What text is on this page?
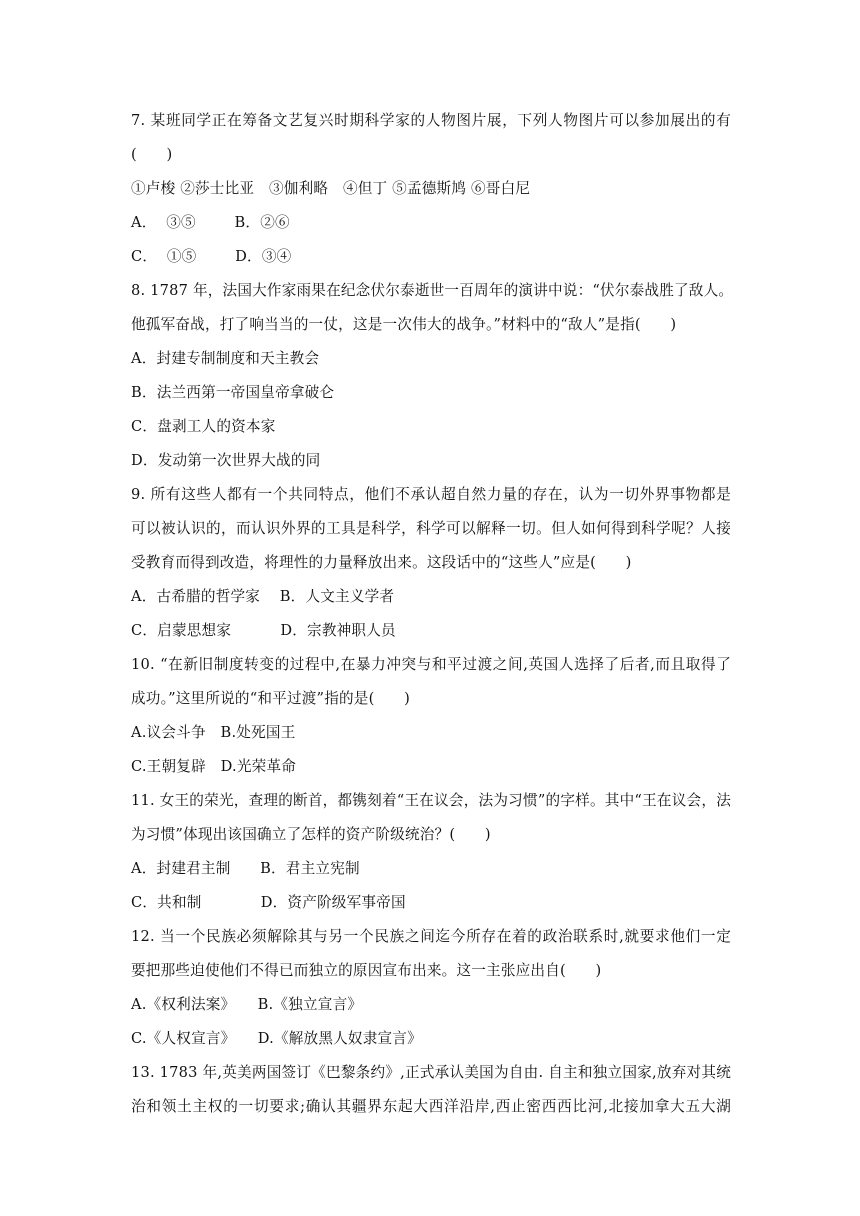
7. 某班同学正在筹备文艺复兴时期科学家的人物图片展，下列人物图片可以参加展出的有
(　　)
①卢梭 ②莎士比亚　③伽利略　④但丁 ⑤孟德斯鸠 ⑥哥白尼
A．  ③⑤        B．②⑥
C．  ①⑤        D．③④
8. 1787 年，法国大作家雨果在纪念伏尔泰逝世一百周年的演讲中说：“伏尔泰战胜了敌人。
他孤军奋战，打了响当当的一仗，这是一次伟大的战争。”材料中的“敌人”是指(　　)
A．封建专制制度和天主教会
B．法兰西第一帝国皇帝拿破仑
C．盘剥工人的资本家
D．发动第一次世界大战的同
9. 所有这些人都有一个共同特点，他们不承认超自然力量的存在，认为一切外界事物都是
可以被认识的，而认识外界的工具是科学，科学可以解释一切。但人如何得到科学呢？人接
受教育而得到改造，将理性的力量释放出来。这段话中的“这些人”应是(　　)
A．古希腊的哲学家　 B．人文主义学者
C．启蒙思想家　　　 D．宗教神职人员
10. “在新旧制度转变的过程中,在暴力冲突与和平过渡之间,英国人选择了后者,而且取得了
成功。”这里所说的“和平过渡”指的是(　　)
A.议会斗争　B.处死国王
C.王朝复辟　D.光荣革命
11. 女王的荣光，查理的断首，都镌刻着“王在议会，法为习惯”的字样。其中“王在议会，法
为习惯”体现出该国确立了怎样的资产阶级统治？(　　)
A．封建君主制　　B．君主立宪制
C．共和制　　　　D．资产阶级军事帝国
12. 当一个民族必须解除其与另一个民族之间迄今所存在着的政治联系时,就要求他们一定
要把那些迫使他们不得已而独立的原因宣布出来。这一主张应出自(　　)
A.《权利法案》　　B.《独立宣言》
C.《人权宣言》　　D.《解放黑人奴隶宣言》
13. 1783 年,英美两国签订《巴黎条约》,正式承认美国为自由. 自主和独立国家,放弃对其统
治和领土主权的一切要求;确认其疆界东起大西洋沿岸,西止密西西比河,北接加拿大五大湖
